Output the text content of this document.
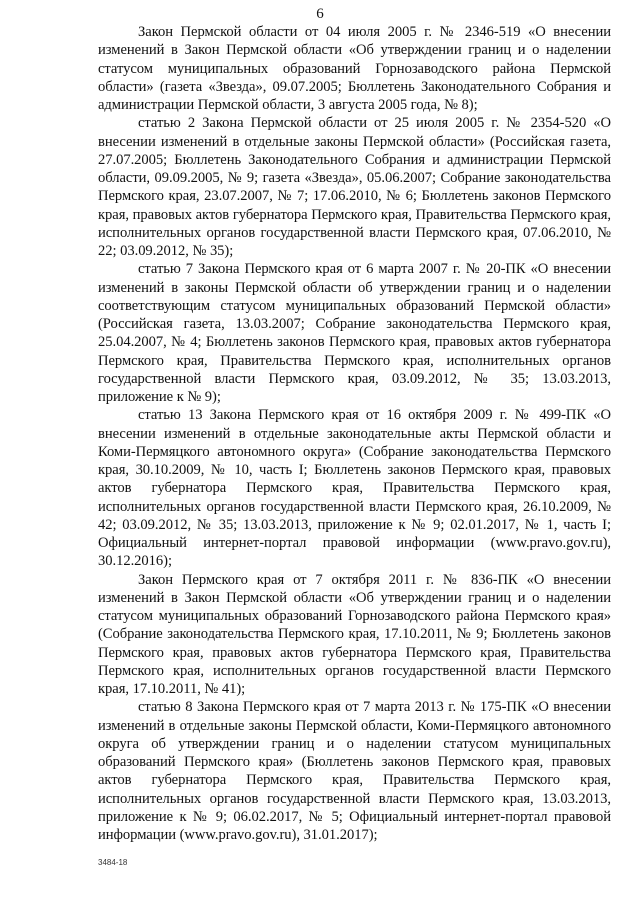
6

Закон Пермской области от 04 июля 2005 г. № 2346-519 «О внесении изменений в Закон Пермской области «Об утверждении границ и о наделении статусом муниципальных образований Горнозаводского района Пермской области» (газета «Звезда», 09.07.2005; Бюллетень Законодательного Собрания и администрации Пермской области, 3 августа 2005 года, № 8);

статью 2 Закона Пермской области от 25 июля 2005 г. № 2354-520 «О внесении изменений в отдельные законы Пермской области» (Российская газета, 27.07.2005; Бюллетень Законодательного Собрания и администрации Пермской области, 09.09.2005, № 9; газета «Звезда», 05.06.2007; Собрание законодательства Пермского края, 23.07.2007, № 7; 17.06.2010, № 6; Бюллетень законов Пермского края, правовых актов губернатора Пермского края, Правительства Пермского края, исполнительных органов государственной власти Пермского края, 07.06.2010, № 22; 03.09.2012, № 35);

статью 7 Закона Пермского края от 6 марта 2007 г. № 20-ПК «О внесении изменений в законы Пермской области об утверждении границ и о наделении соответствующим статусом муниципальных образований Пермской области» (Российская газета, 13.03.2007; Собрание законодательства Пермского края, 25.04.2007, № 4; Бюллетень законов Пермского края, правовых актов губернатора Пермского края, Правительства Пермского края, исполнительных органов государственной власти Пермского края, 03.09.2012, № 35; 13.03.2013, приложение к № 9);

статью 13 Закона Пермского края от 16 октября 2009 г. № 499-ПК «О внесении изменений в отдельные законодательные акты Пермской области и Коми-Пермяцкого автономного округа» (Собрание законодательства Пермского края, 30.10.2009, № 10, часть I; Бюллетень законов Пермского края, правовых актов губернатора Пермского края, Правительства Пермского края, исполнительных органов государственной власти Пермского края, 26.10.2009, № 42; 03.09.2012, № 35; 13.03.2013, приложение к № 9; 02.01.2017, № 1, часть I; Официальный интернет-портал правовой информации (www.pravo.gov.ru), 30.12.2016);

Закон Пермского края от 7 октября 2011 г. № 836-ПК «О внесении изменений в Закон Пермской области «Об утверждении границ и о наделении статусом муниципальных образований Горнозаводского района Пермского края» (Собрание законодательства Пермского края, 17.10.2011, № 9; Бюллетень законов Пермского края, правовых актов губернатора Пермского края, Правительства Пермского края, исполнительных органов государственной власти Пермского края, 17.10.2011, № 41);

статью 8 Закона Пермского края от 7 марта 2013 г. № 175-ПК «О внесении изменений в отдельные законы Пермской области, Коми-Пермяцкого автономного округа об утверждении границ и о наделении статусом муниципальных образований Пермского края» (Бюллетень законов Пермского края, правовых актов губернатора Пермского края, Правительства Пермского края, исполнительных органов государственной власти Пермского края, 13.03.2013, приложение к № 9; 06.02.2017, № 5; Официальный интернет-портал правовой информации (www.pravo.gov.ru), 31.01.2017);

3484-18
